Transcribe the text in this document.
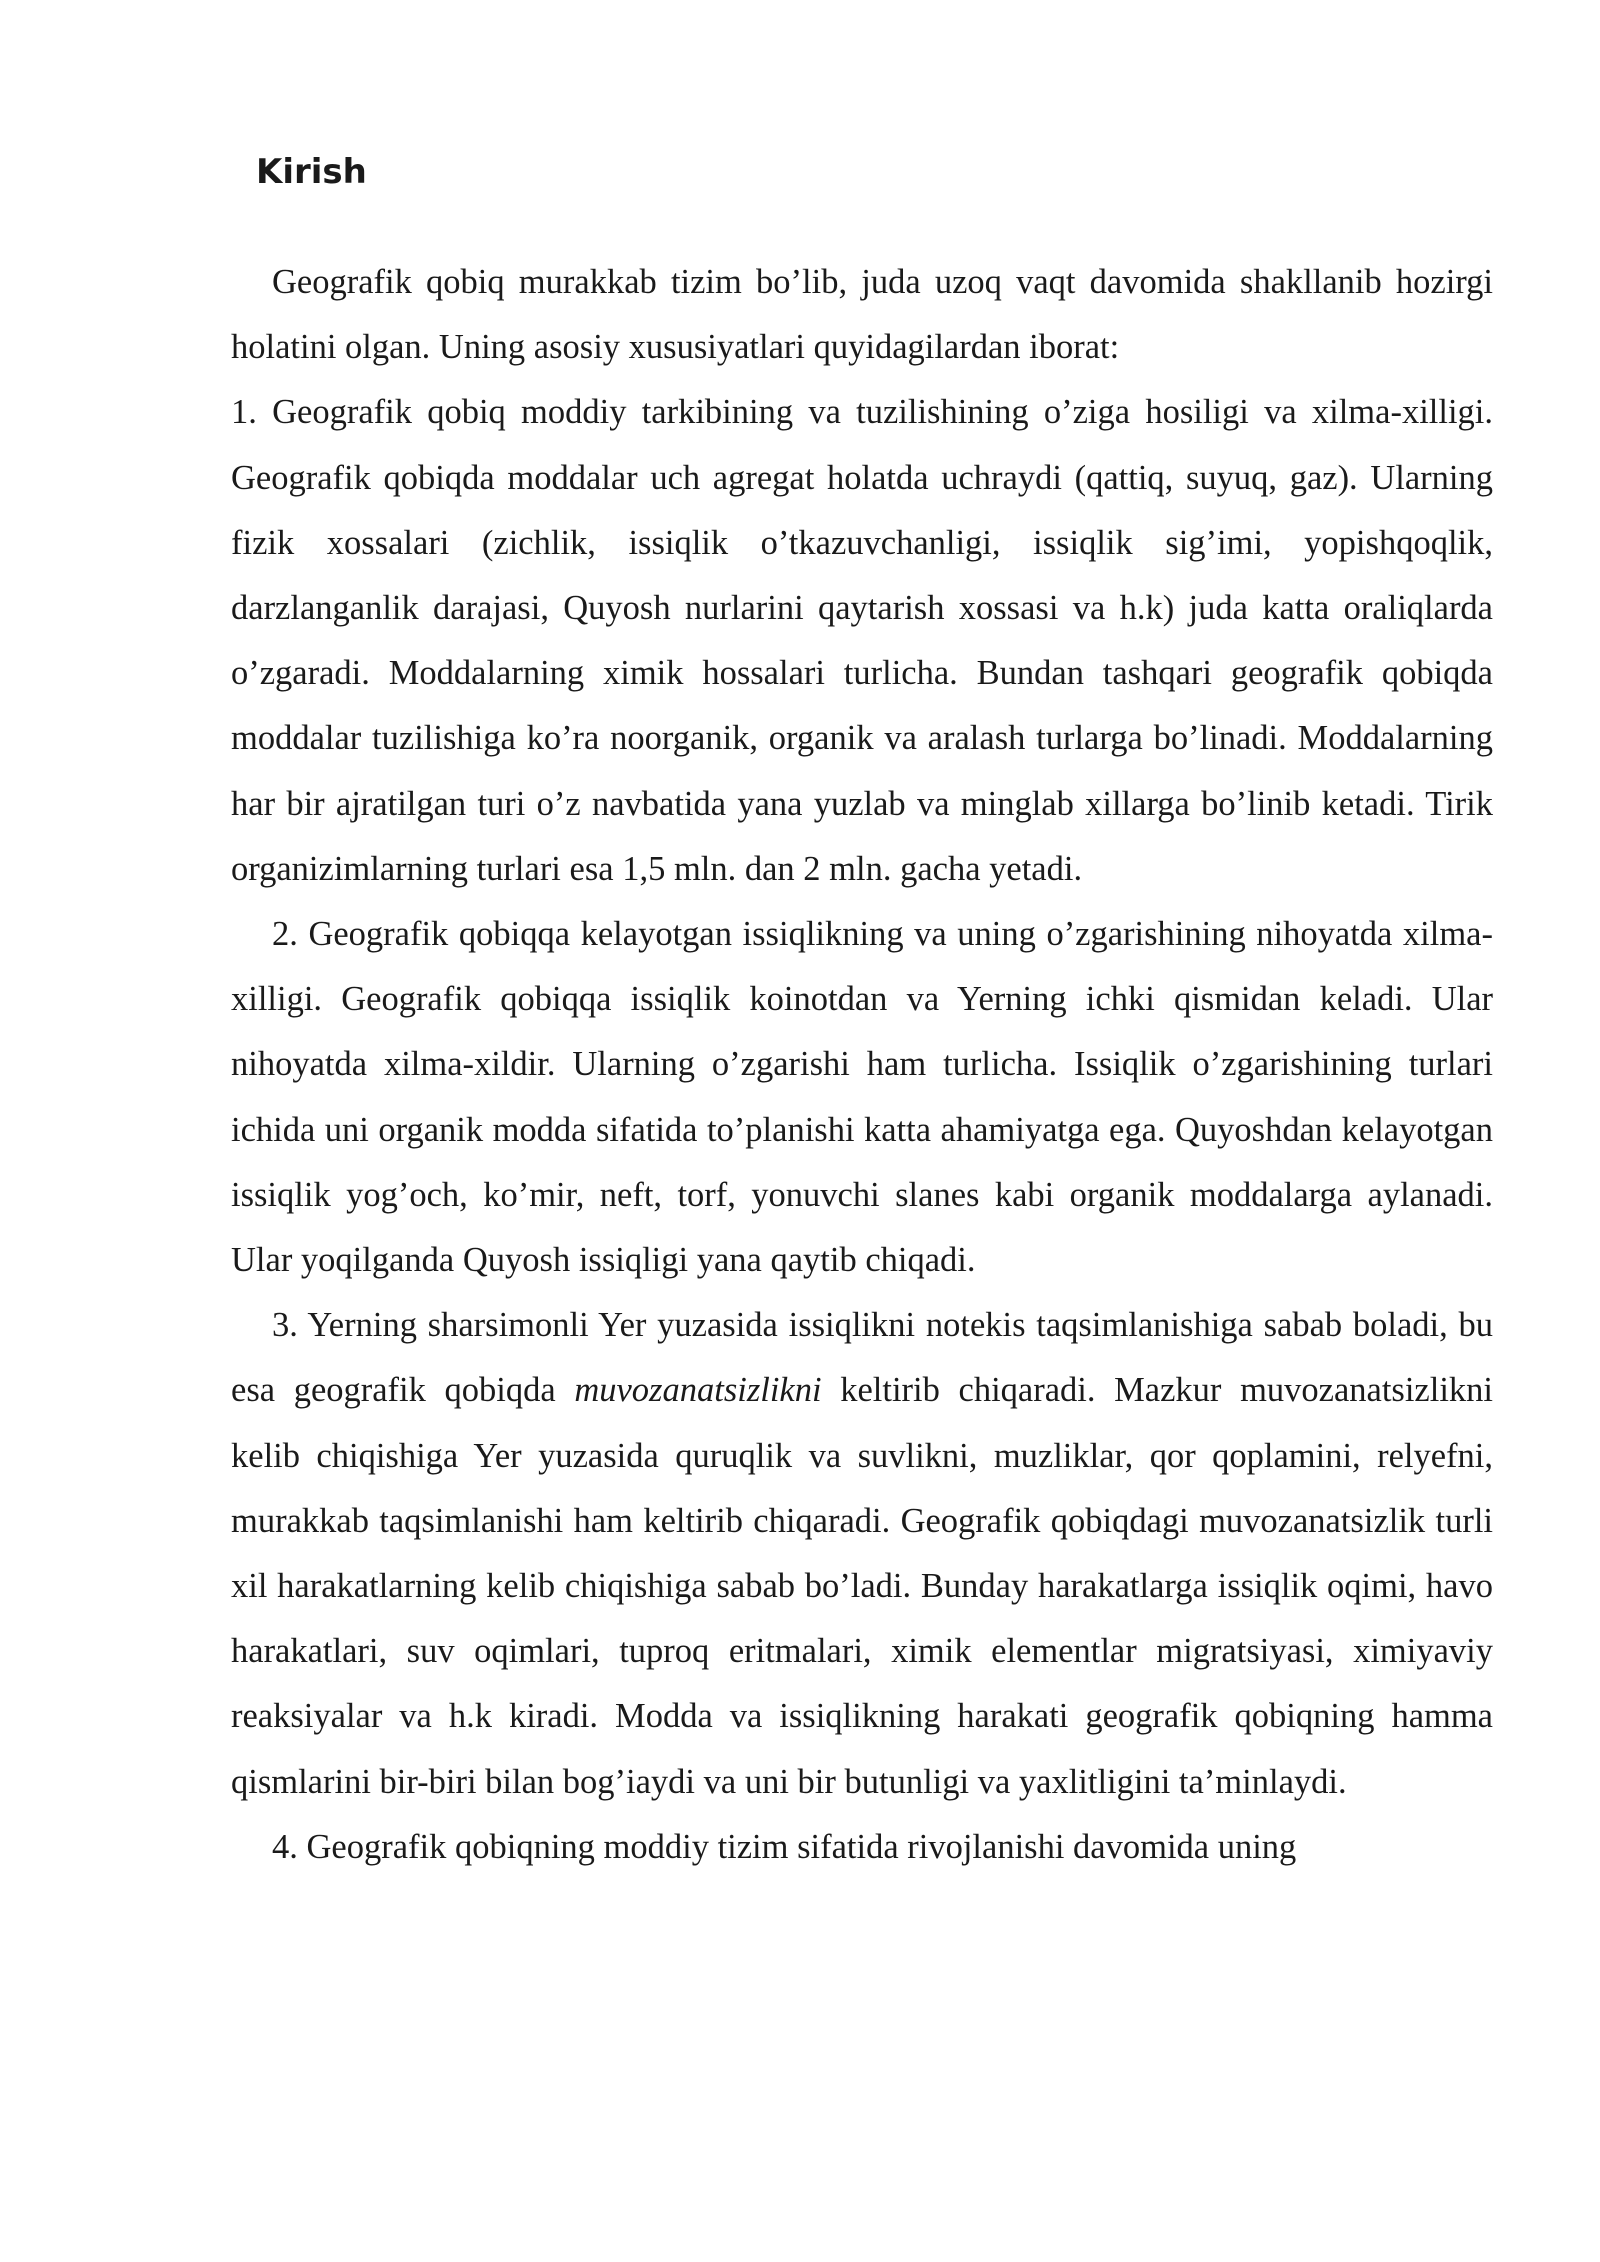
Kirish

Geografik qobiq murakkab tizim bo’lib, juda uzoq vaqt davomida shakllanib hozirgi holatini olgan. Uning asosiy xususiyatlari quyidagilardan iborat:

1. Geografik qobiq moddiy tarkibining va tuzilishining o’ziga hosiligi va xilma-xilligi. Geografik qobiqda moddalar uch agregat holatda uchraydi (qattiq, suyuq, gaz). Ularning fizik xossalari (zichlik, issiqlik o’tkazuvchanligi, issiqlik sig’imi, yopishqoqlik, darzlanganlik darajasi, Quyosh nurlarini qaytarish xossasi va h.k) juda katta oraliqlarda o’zgaradi. Moddalarning ximik hossalari turlicha. Bundan tashqari geografik qobiqda moddalar tuzilishiga ko’ra noorganik, organik va aralash turlarga bo’linadi. Moddalarning har bir ajratilgan turi o’z navbatida yana yuzlab va minglab xillarga bo’linib ketadi. Tirik organizimlarning turlari esa 1,5 mln. dan 2 mln. gacha yetadi.

2. Geografik qobiqqa kelayotgan issiqlikning va uning o’zgarishining nihoyatda xilma-xilligi. Geografik qobiqqa issiqlik koinotdan va Yerning ichki qismidan keladi. Ular nihoyatda xilma-xildir. Ularning o’zgarishi ham turlicha. Issiqlik o’zgarishining turlari ichida uni organik modda sifatida to’planishi katta ahamiyatga ega. Quyoshdan kelayotgan issiqlik yog’och, ko’mir, neft, torf, yonuvchi slanes kabi organik moddalarga aylanadi. Ular yoqilganda Quyosh issiqligi yana qaytib chiqadi.

3. Yerning sharsimonli Yer yuzasida issiqlikni notekis taqsimlanishiga sabab boladi, bu esa geografik qobiqda muvozanatsizlikni keltirib chiqaradi. Mazkur muvozanatsizlikni kelib chiqishiga Yer yuzasida quruqlik va suvlikni, muzliklar, qor qoplamini, relyefni, murakkab taqsimlanishi ham keltirib chiqaradi. Geografik qobiqdagi muvozanatsizlik turli xil harakatlarning kelib chiqishiga sabab bo’ladi. Bunday harakatlarga issiqlik oqimi, havo harakatlari, suv oqimlari, tuproq eritmalari, ximik elementlar migratsiyasi, ximiyaviy reaksiyalar va h.k kiradi. Modda va issiqlikning harakati geografik qobiqning hamma qismlarini bir-biri bilan bog’iaydi va uni bir butunligi va yaxlitligini ta’minlaydi.

4. Geografik qobiqning moddiy tizim sifatida rivojlanishi davomida uning
